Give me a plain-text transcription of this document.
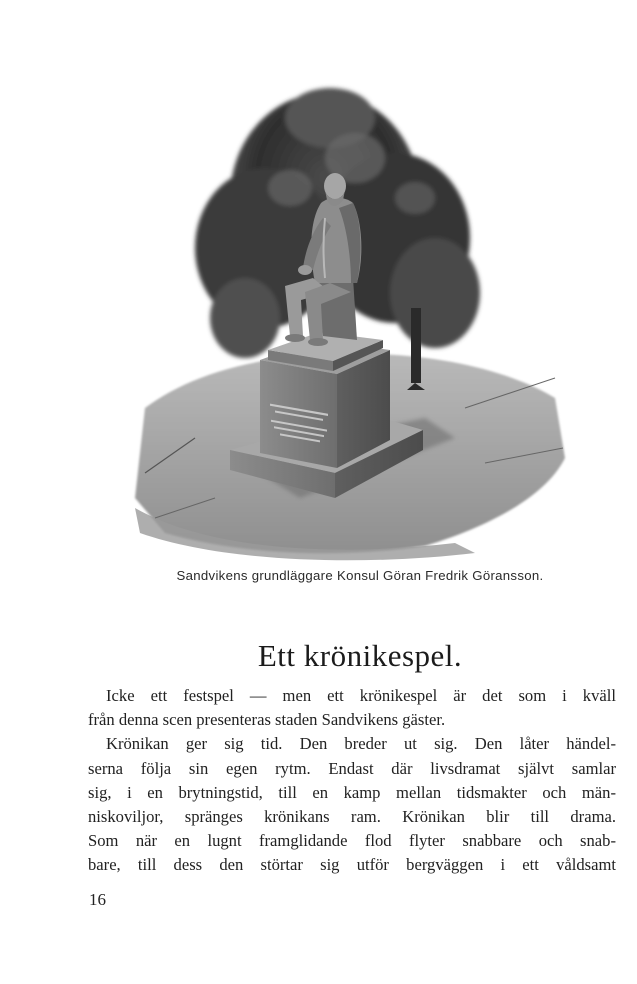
Sandvikens grundläggare Konsul Göran Fredrik Göransson.
Ett krönikespel.
Icke ett festspel — men ett krönikespel är det som i kväll
från denna scen presenteras staden Sandvikens gäster.
Krönikan ger sig tid. Den breder ut sig. Den låter händel-
serna följa sin egen rytm. Endast där livsdramat självt samlar
sig, i en brytningstid, till en kamp mellan tidsmakter och män-
niskoviljor, spränges krönikans ram. Krönikan blir till drama.
Som när en lugnt framglidande flod flyter snabbare och snab-
bare, till dess den störtar sig utför bergväggen i ett våldsamt
16
